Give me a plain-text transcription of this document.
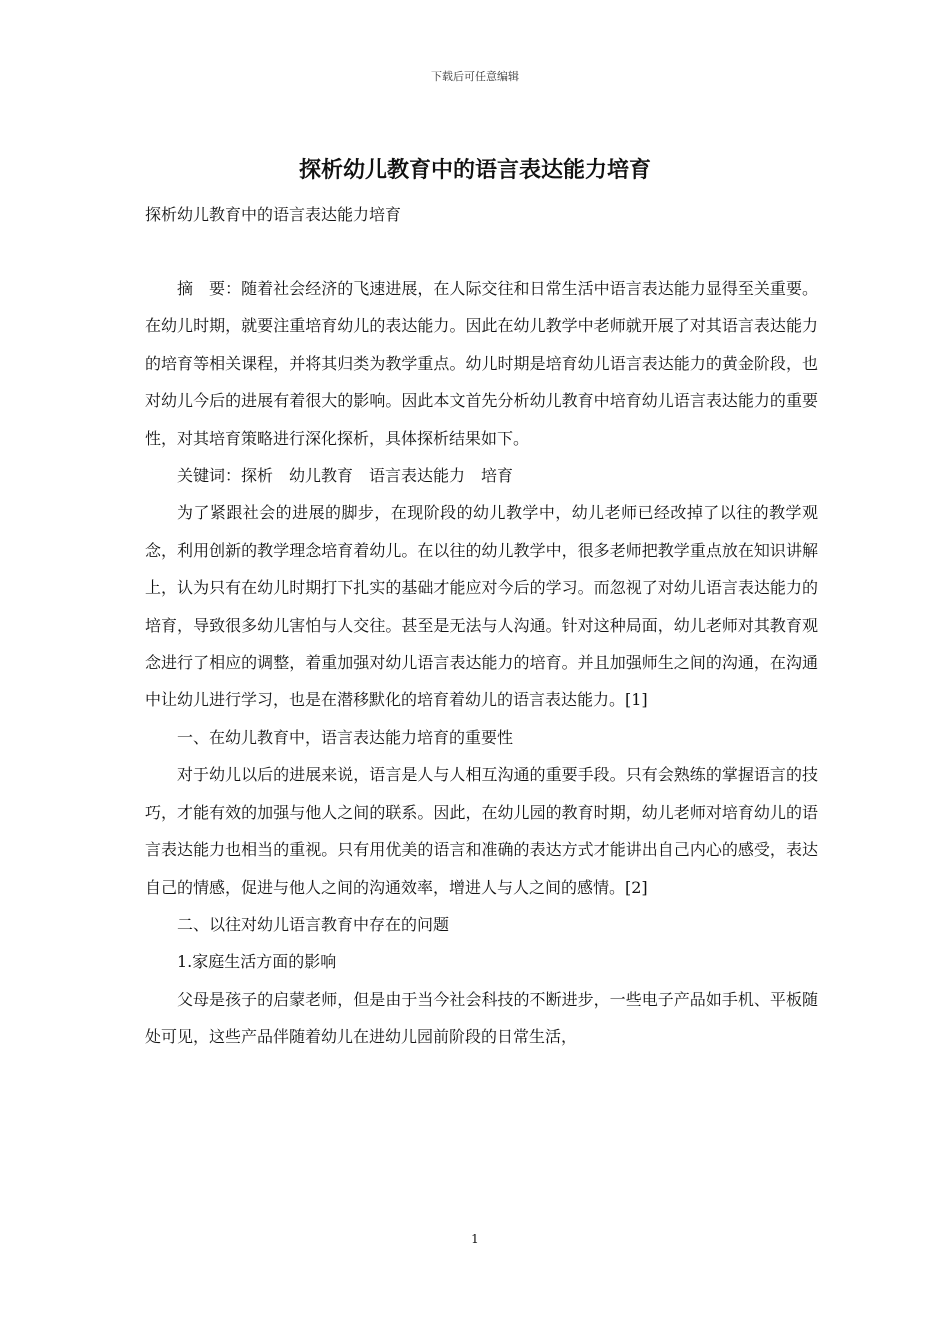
下载后可任意编辑
探析幼儿教育中的语言表达能力培育

探析幼儿教育中的语言表达能力培育

摘　要：随着社会经济的飞速进展，在人际交往和日常生活中语言表达能力显得至关重要。在幼儿时期，就要注重培育幼儿的表达能力。因此在幼儿教学中老师就开展了对其语言表达能力的培育等相关课程，并将其归类为教学重点。幼儿时期是培育幼儿语言表达能力的黄金阶段，也对幼儿今后的进展有着很大的影响。因此本文首先分析幼儿教育中培育幼儿语言表达能力的重要性，对其培育策略进行深化探析，具体探析结果如下。

关键词：探析　幼儿教育　语言表达能力　培育

为了紧跟社会的进展的脚步，在现阶段的幼儿教学中，幼儿老师已经改掉了以往的教学观念，利用创新的教学理念培育着幼儿。在以往的幼儿教学中，很多老师把教学重点放在知识讲解上，认为只有在幼儿时期打下扎实的基础才能应对今后的学习。而忽视了对幼儿语言表达能力的培育，导致很多幼儿害怕与人交往。甚至是无法与人沟通。针对这种局面，幼儿老师对其教育观念进行了相应的调整，着重加强对幼儿语言表达能力的培育。并且加强师生之间的沟通，在沟通中让幼儿进行学习，也是在潜移默化的培育着幼儿的语言表达能力。[1]

一、在幼儿教育中，语言表达能力培育的重要性

对于幼儿以后的进展来说，语言是人与人相互沟通的重要手段。只有会熟练的掌握语言的技巧，才能有效的加强与他人之间的联系。因此，在幼儿园的教育时期，幼儿老师对培育幼儿的语言表达能力也相当的重视。只有用优美的语言和准确的表达方式才能讲出自己内心的感受，表达自己的情感，促进与他人之间的沟通效率，增进人与人之间的感情。[2]

二、以往对幼儿语言教育中存在的问题

1.家庭生活方面的影响

父母是孩子的启蒙老师，但是由于当今社会科技的不断进步，一些电子产品如手机、平板随处可见，这些产品伴随着幼儿在进幼儿园前阶段的日常生活，

1
